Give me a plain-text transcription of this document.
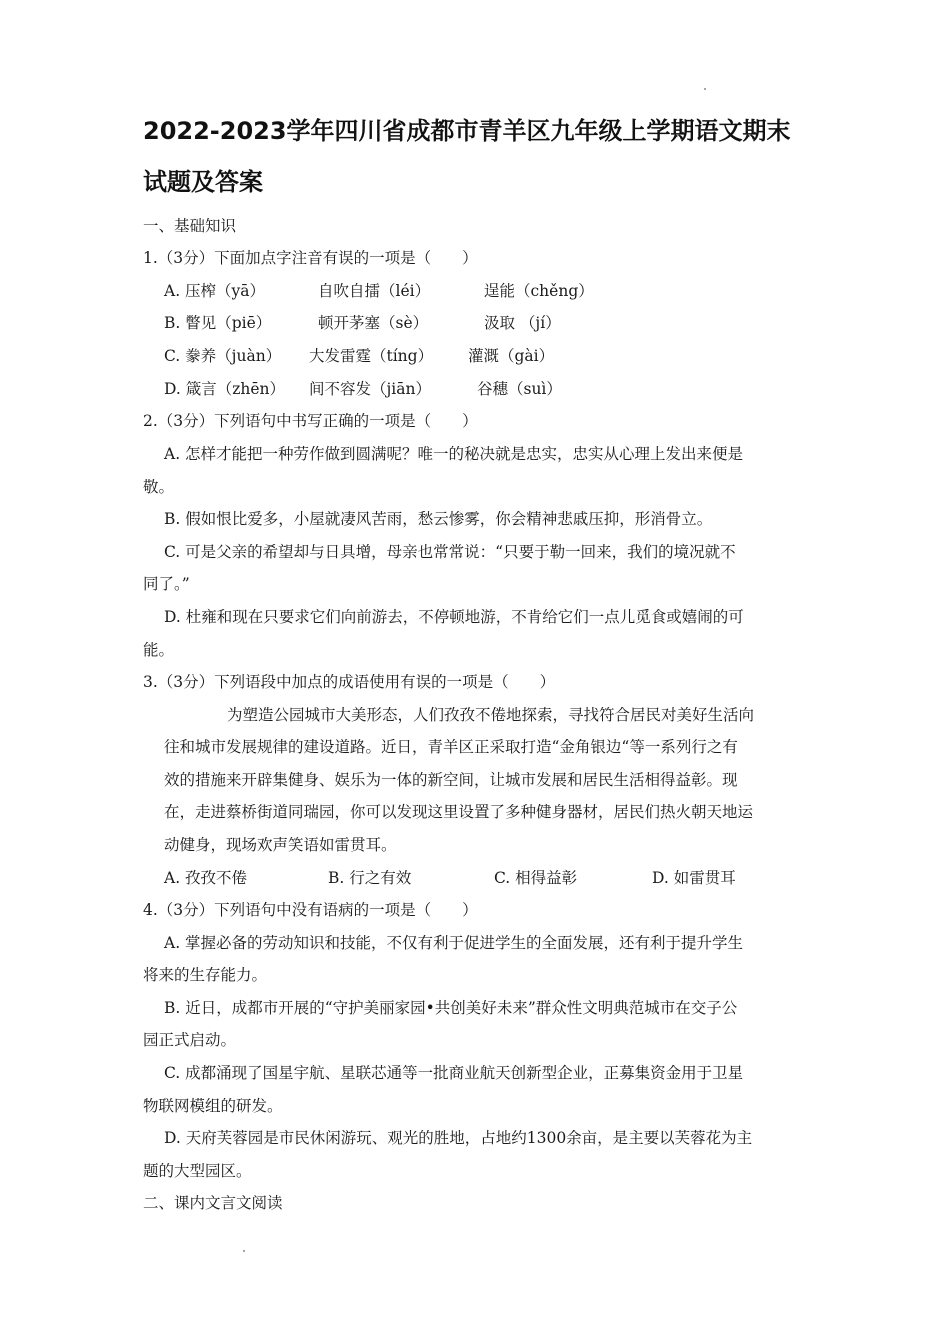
2022-2023学年四川省成都市青羊区九年级上学期语文期末
试题及答案
一、基础知识
1.（3分）下面加点字注音有误的一项是（　　）
A. 压榨（yā）	自吹自擂（léi）	逞能（chěng）
B. 瞥见（piē）	顿开茅塞（sè）	汲取 （jí）
C. 豢养（juàn） 大发雷霆（tíng） 灌溉（gài）
D. 箴言（zhēn） 间不容发（jiān）	谷穗（suì）
2.（3分）下列语句中书写正确的一项是（　　）
A. 怎样才能把一种劳作做到圆满呢？唯一的秘决就是忠实，忠实从心理上发出来便是
敬。
B. 假如恨比爱多，小屋就凄风苦雨，愁云惨雾，你会精神悲戚压抑，形消骨立。
C. 可是父亲的希望却与日具增，母亲也常常说：“只要于勒一回来，我们的境况就不
同了。”
D. 杜雍和现在只要求它们向前游去，不停顿地游，不肯给它们一点儿觅食或嬉闹的可
能。
3.（3分）下列语段中加点的成语使用有误的一项是（　　）
为塑造公园城市大美形态，人们孜孜不倦地探索，寻找符合居民对美好生活向
往和城市发展规律的建设道路。近日，青羊区正采取打造“金角银边“等一系列行之有
效的措施来开辟集健身、娱乐为一体的新空间，让城市发展和居民生活相得益彰。现
在，走进蔡桥街道同瑞园，你可以发现这里设置了多种健身器材，居民们热火朝天地运
动健身，现场欢声笑语如雷贯耳。
A. 孜孜不倦	B. 行之有效	C. 相得益彰	D. 如雷贯耳
4.（3分）下列语句中没有语病的一项是（　　）
A. 掌握必备的劳动知识和技能，不仅有利于促进学生的全面发展，还有利于提升学生
将来的生存能力。
B. 近日，成都市开展的“守护美丽家园•共创美好未来”群众性文明典范城市在交子公
园正式启动。
C. 成都涌现了国星宇航、星联芯通等一批商业航天创新型企业，正募集资金用于卫星
物联网模组的研发。
D. 天府芙蓉园是市民休闲游玩、观光的胜地，占地约1300余亩，是主要以芙蓉花为主
题的大型园区。
二、课内文言文阅读
